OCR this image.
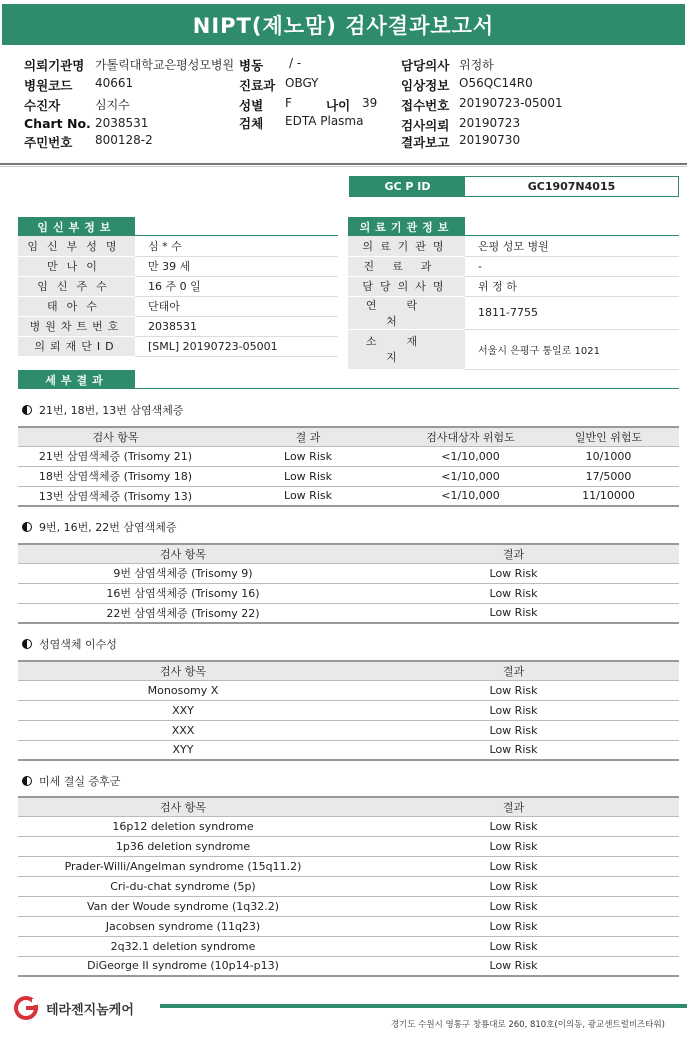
NIPT(제노맘) 검사결과보고서
의뢰기관명 가톨릭대학교은평성모병원 병동 / -	담당의사 위정하
병원코드 40661	진료과 OBGY	임상정보 O56QC14R0
수진자	심지수	성별 F	나이 39 접수번호 20190723-05001
Chart No. 2038531	검체 EDTA Plasma	검사의뢰 20190723
주민번호 800128-2	결과보고 20190730
GC P ID	GC1907N4015
임신부정보
임신부성명	심 * 수
만나이	만 39 세
임신주수	16 주 0 일
태아수	단태아
병원차트번호	2038531
의뢰재단ID	[SML] 20190723-05001
의료기관정보
의료기관명	은평 성모 병원
진료과	-
담당의사명	위 정 하
연락처	1811-7755
소재지	서울시 은평구 통일로 1021
세부결과
21번, 18번, 13번 삼염색체증
검사 항목	결 과	검사대상자 위험도	일반인 위험도
21번 삼염색체증 (Trisomy 21)	Low Risk	<1/10,000	10/1000
18번 삼염색체증 (Trisomy 18)	Low Risk	<1/10,000	17/5000
13번 삼염색체증 (Trisomy 13)	Low Risk	<1/10,000	11/10000
9번, 16번, 22번 삼염색체증
검사 항목	결과
9번 삼염색체증 (Trisomy 9)	Low Risk
16번 삼염색체증 (Trisomy 16)	Low Risk
22번 삼염색체증 (Trisomy 22)	Low Risk
성염색체 이수성
검사 항목	결과
Monosomy X	Low Risk
XXY	Low Risk
XXX	Low Risk
XYY	Low Risk
미세 결실 증후군
검사 항목	결과
16p12 deletion syndrome	Low Risk
1p36 deletion syndrome	Low Risk
Prader-Willi/Angelman syndrome (15q11.2)	Low Risk
Cri-du-chat syndrome (5p)	Low Risk
Van der Woude syndrome (1q32.2)	Low Risk
Jacobsen syndrome (11q23)	Low Risk
2q32.1 deletion syndrome	Low Risk
DiGeorge II syndrome (10p14-p13)	Low Risk
테라젠지놈케어
경기도 수원시 영통구 창룡대로 260, 810호(이의동, 광교센트럴비즈타워)
